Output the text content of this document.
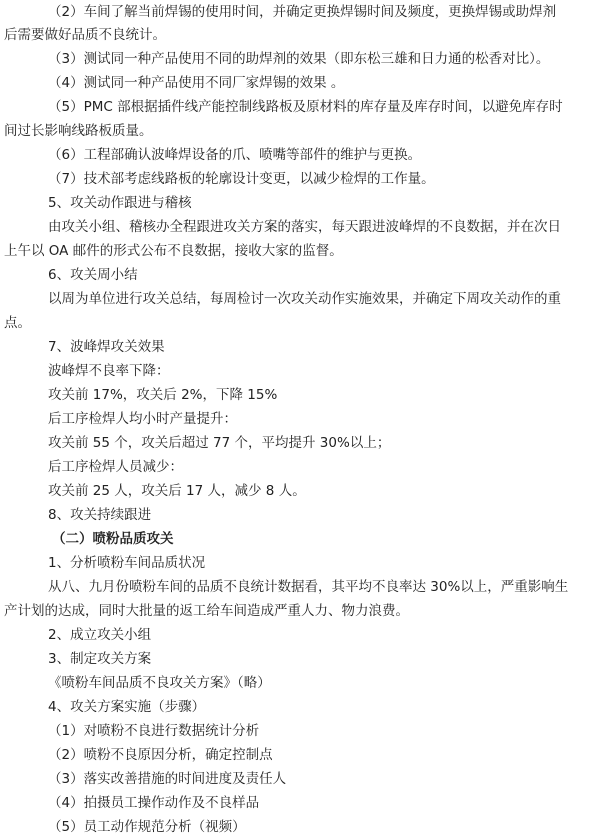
（2）车间了解当前焊锡的使用时间，并确定更换焊锡时间及频度，更换焊锡或助焊剂
后需要做好品质不良统计。
（3）测试同一种产品使用不同的助焊剂的效果（即东松三雄和日力通的松香对比）。
（4）测试同一种产品使用不同厂家焊锡的效果 。
（5）PMC 部根据插件线产能控制线路板及原材料的库存量及库存时间，以避免库存时
间过长影响线路板质量。
（6）工程部确认波峰焊设备的爪、喷嘴等部件的维护与更换。
（7）技术部考虑线路板的轮廓设计变更，以减少检焊的工作量。
5、攻关动作跟进与稽核
由攻关小组、稽核办全程跟进攻关方案的落实，每天跟进波峰焊的不良数据，并在次日
上午以 OA 邮件的形式公布不良数据，接收大家的监督。
6、攻关周小结
以周为单位进行攻关总结，每周检讨一次攻关动作实施效果，并确定下周攻关动作的重
点。
7、波峰焊攻关效果
波峰焊不良率下降：
攻关前 17%，攻关后 2%，下降 15%
后工序检焊人均小时产量提升：
攻关前 55 个，攻关后超过 77 个，平均提升 30%以上；
后工序检焊人员减少：
攻关前 25 人，攻关后 17 人，减少 8 人。
8、攻关持续跟进
（二）喷粉品质攻关
1、分析喷粉车间品质状况
从八、九月份喷粉车间的品质不良统计数据看，其平均不良率达 30%以上，严重影响生
产计划的达成，同时大批量的返工给车间造成严重人力、物力浪费。
2、成立攻关小组
3、制定攻关方案
《喷粉车间品质不良攻关方案》（略）
4、攻关方案实施（步骤）
（1）对喷粉不良进行数据统计分析
（2）喷粉不良原因分析，确定控制点
（3）落实改善措施的时间进度及责任人
（4）拍摄员工操作动作及不良样品
（5）员工动作规范分析（视频）
